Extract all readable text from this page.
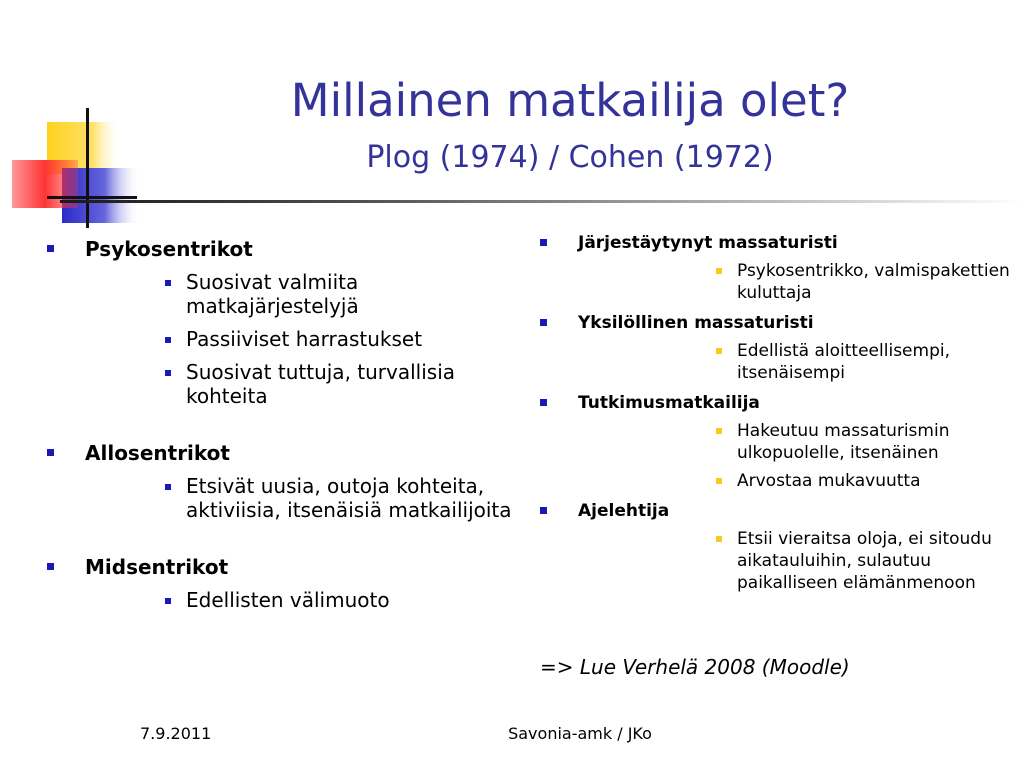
Millainen matkailija olet?
Plog (1974) / Cohen (1972)
Psykosentrikot
Suosivat valmiita matkajärjestelyjä
Passiiviset harrastukset
Suosivat tuttuja, turvallisia kohteita
Allosentrikot
Etsivät uusia, outoja kohteita, aktiviisia, itsenäisiä matkailijoita
Midsentrikot
Edellisten välimuoto
Järjestäytynyt massaturisti
Psykosentrikko, valmispakettien kuluttaja
Yksilöllinen massaturisti
Edellistä aloitteellisempi, itsenäisempi
Tutkimusmatkailija
Hakeutuu massaturismin ulkopuolelle, itsenäinen
Arvostaa mukavuutta
Ajelehtija
Etsii vieraitsa oloja, ei sitoudu aikatauluihin, sulautuu paikalliseen elämänmenoon
=> Lue Verhelä 2008 (Moodle)
7.9.2011	Savonia-amk / JKo
